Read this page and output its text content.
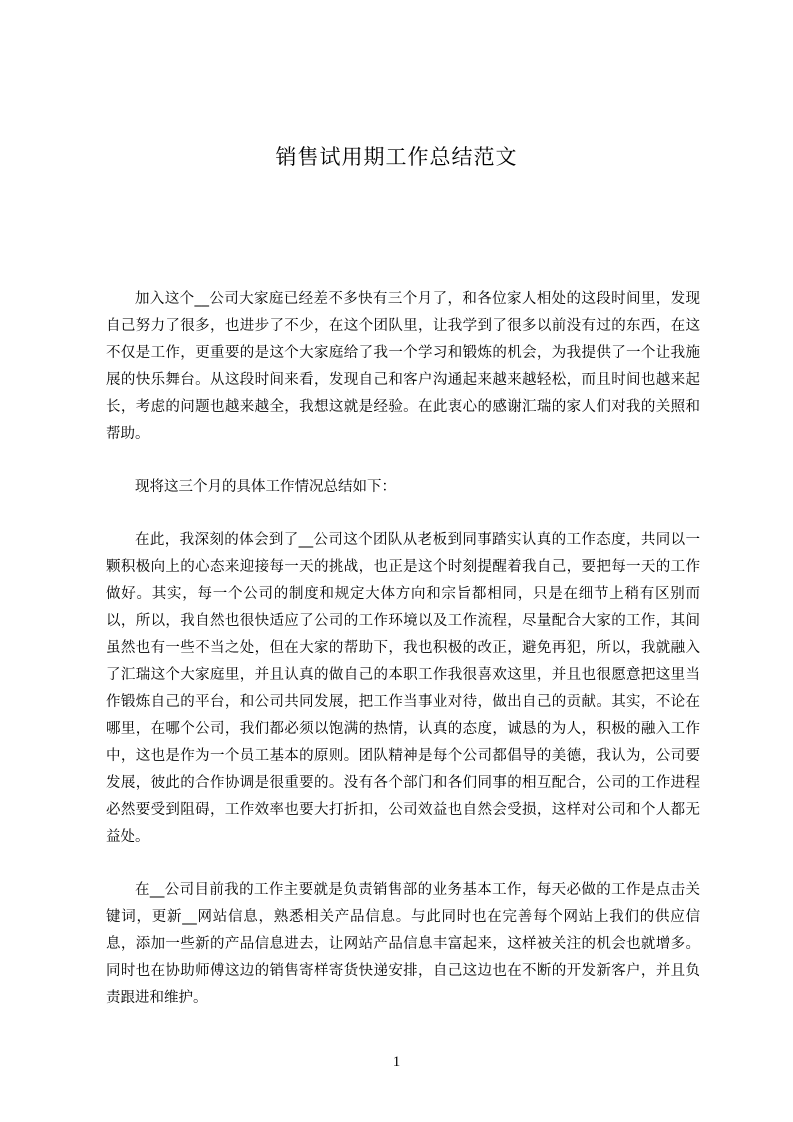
销售试用期工作总结范文

加入这个__公司大家庭已经差不多快有三个月了，和各位家人相处的这段时间里，发现自己努力了很多，也进步了不少，在这个团队里，让我学到了很多以前没有过的东西，在这不仅是工作，更重要的是这个大家庭给了我一个学习和锻炼的机会，为我提供了一个让我施展的快乐舞台。从这段时间来看，发现自己和客户沟通起来越来越轻松，而且时间也越来起长，考虑的问题也越来越全，我想这就是经验。在此衷心的感谢汇瑞的家人们对我的关照和帮助。

现将这三个月的具体工作情况总结如下：

在此，我深刻的体会到了__公司这个团队从老板到同事踏实认真的工作态度，共同以一颗积极向上的心态来迎接每一天的挑战，也正是这个时刻提醒着我自己，要把每一天的工作做好。其实，每一个公司的制度和规定大体方向和宗旨都相同，只是在细节上稍有区别而以，所以，我自然也很快适应了公司的工作环境以及工作流程，尽量配合大家的工作，其间虽然也有一些不当之处，但在大家的帮助下，我也积极的改正，避免再犯，所以，我就融入了汇瑞这个大家庭里，并且认真的做自己的本职工作我很喜欢这里，并且也很愿意把这里当作锻炼自己的平台，和公司共同发展，把工作当事业对待，做出自己的贡献。其实，不论在哪里，在哪个公司，我们都必须以饱满的热情，认真的态度，诚恳的为人，积极的融入工作中，这也是作为一个员工基本的原则。团队精神是每个公司都倡导的美德，我认为，公司要发展，彼此的合作协调是很重要的。没有各个部门和各们同事的相互配合，公司的工作进程必然要受到阻碍，工作效率也要大打折扣，公司效益也自然会受损，这样对公司和个人都无益处。

在__公司目前我的工作主要就是负责销售部的业务基本工作，每天必做的工作是点击关键词，更新__网站信息，熟悉相关产品信息。与此同时也在完善每个网站上我们的供应信息，添加一些新的产品信息进去，让网站产品信息丰富起来，这样被关注的机会也就增多。同时也在协助师傅这边的销售寄样寄货快递安排，自己这边也在不断的开发新客户，并且负责跟进和维护。

1
